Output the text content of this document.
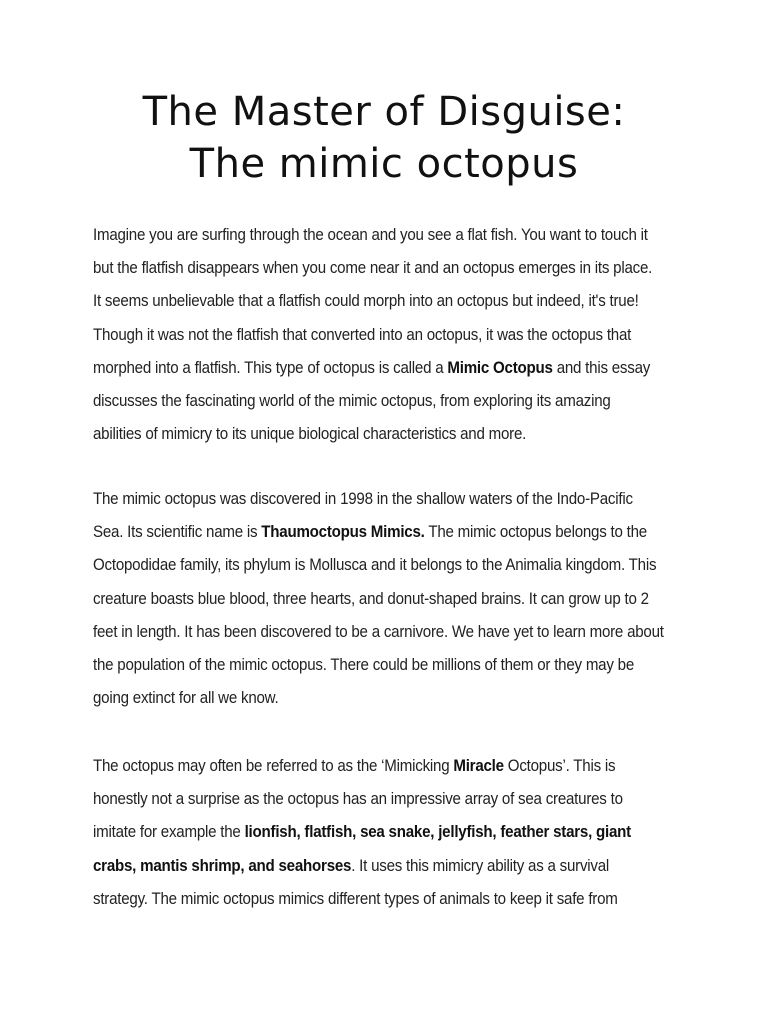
The Master of Disguise:
The mimic octopus
Imagine you are surfing through the ocean and you see a flat fish. You want to touch it
but the flatfish disappears when you come near it and an octopus emerges in its place.
It seems unbelievable that a flatfish could morph into an octopus but indeed, it's true!
Though it was not the flatfish that converted into an octopus, it was the octopus that
morphed into a flatfish. This type of octopus is called a Mimic Octopus and this essay
discusses the fascinating world of the mimic octopus, from exploring its amazing
abilities of mimicry to its unique biological characteristics and more.
The mimic octopus was discovered in 1998 in the shallow waters of the Indo-Pacific
Sea. Its scientific name is Thaumoctopus Mimics. The mimic octopus belongs to the
Octopodidae family, its phylum is Mollusca and it belongs to the Animalia kingdom. This
creature boasts blue blood, three hearts, and donut-shaped brains. It can grow up to 2
feet in length. It has been discovered to be a carnivore. We have yet to learn more about
the population of the mimic octopus. There could be millions of them or they may be
going extinct for all we know.
The octopus may often be referred to as the ‘Mimicking Miracle Octopus’. This is
honestly not a surprise as the octopus has an impressive array of sea creatures to
imitate for example the lionfish, flatfish, sea snake, jellyfish, feather stars, giant
crabs, mantis shrimp, and seahorses. It uses this mimicry ability as a survival
strategy. The mimic octopus mimics different types of animals to keep it safe from
